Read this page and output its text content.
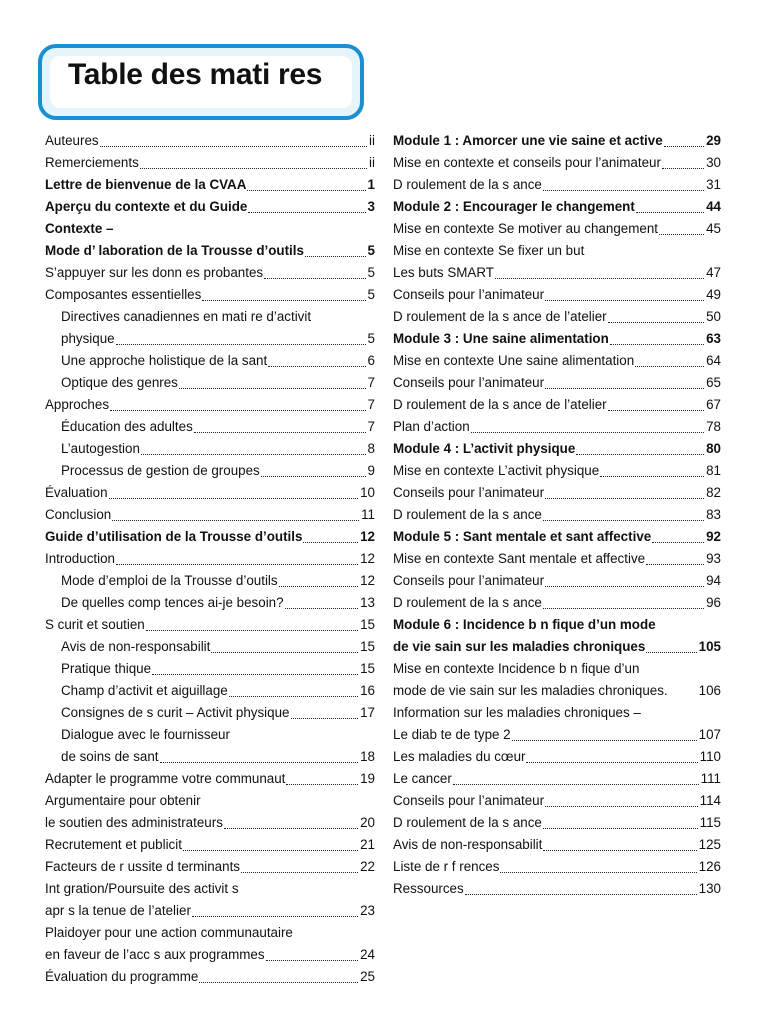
Table des mati res
Auteures	ii
Remerciements	ii
Lettre de bienvenue de la CVAA	1
Aperçu du contexte et du Guide	3
Contexte –
Mode d’ laboration de la Trousse d’outils	5
S’appuyer sur les donn es probantes	5
Composantes essentielles	5
Directives canadiennes en mati re d’activit
physique	5
Une approche holistique de la sant	6
Optique des genres	7
Approches	7
Éducation des adultes	7
L’autogestion	8
Processus de gestion de groupes	9
Évaluation	10
Conclusion	11
Guide d’utilisation de la Trousse d’outils	12
Introduction	12
Mode d’emploi de la Trousse d’outils	12
De quelles comp tences ai-je besoin?	13
S curit et soutien	15
Avis de non-responsabilit	15
Pratique thique	15
Champ d’activit et aiguillage	16
Consignes de s curit – Activit physique	17
Dialogue avec le fournisseur
de soins de sant	18
Adapter le programme votre communaut	19
Argumentaire pour obtenir
le soutien des administrateurs	20
Recrutement et publicit	21
Facteurs de r ussite d terminants	22
Int gration/Poursuite des activit s
apr s la tenue de l’atelier	23
Plaidoyer pour une action communautaire
en faveur de l’acc s aux programmes	24
Évaluation du programme	25
Module 1 : Amorcer une vie saine et active	29
Mise en contexte et conseils pour l’animateur	30
D roulement de la s ance	31
Module 2 : Encourager le changement	44
Mise en contexte Se motiver au changement	45
Mise en contexte Se fixer un but
Les buts SMART	47
Conseils pour l’animateur	49
D roulement de la s ance de l’atelier	50
Module 3 : Une saine alimentation	63
Mise en contexte Une saine alimentation	64
Conseils pour l’animateur	65
D roulement de la s ance de l’atelier	67
Plan d’action	78
Module 4 : L’activit physique	80
Mise en contexte L’activit physique	81
Conseils pour l’animateur	82
D roulement de la s ance	83
Module 5 : Sant mentale et sant affective	92
Mise en contexte Sant mentale et affective	93
Conseils pour l’animateur	94
D roulement de la s ance	96
Module 6 : Incidence b n fique d’un mode
de vie sain sur les maladies chroniques	105
Mise en contexte Incidence b n fique d’un
mode de vie sain sur les maladies chroniques. 106
Information sur les maladies chroniques –
Le diab te de type 2	107
Les maladies du cœur	110
Le cancer	111
Conseils pour l’animateur	114
D roulement de la s ance	115
Avis de non-responsabilit	125
Liste de r f rences	126
Ressources	130
